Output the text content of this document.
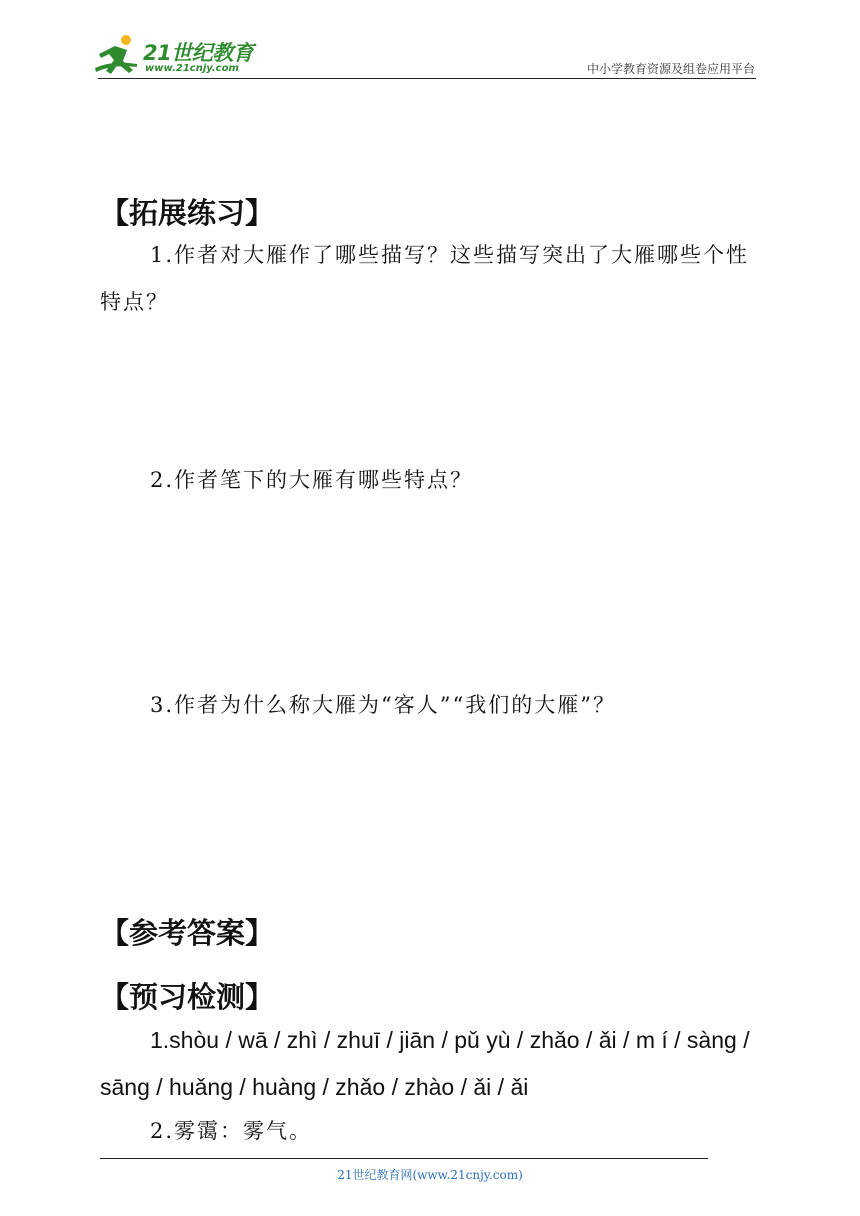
21世纪教育
www.21cnjy.com	中小学教育资源及组卷应用平台
【拓展练习】
1.作者对大雁作了哪些描写？这些描写突出了大雁哪些个性特点？
2.作者笔下的大雁有哪些特点？
3.作者为什么称大雁为“客人”“我们的大雁”？
【参考答案】
【预习检测】
1.shòu / wā / zhì / zhuī / jiān / pǔ yù / zhǎo / ǎi / m í / sàng / sāng / huǎng / huàng / zhǎo / zhào / ǎi / ǎi
2.雾霭：雾气。
21世纪教育网(www.21cnjy.com)
